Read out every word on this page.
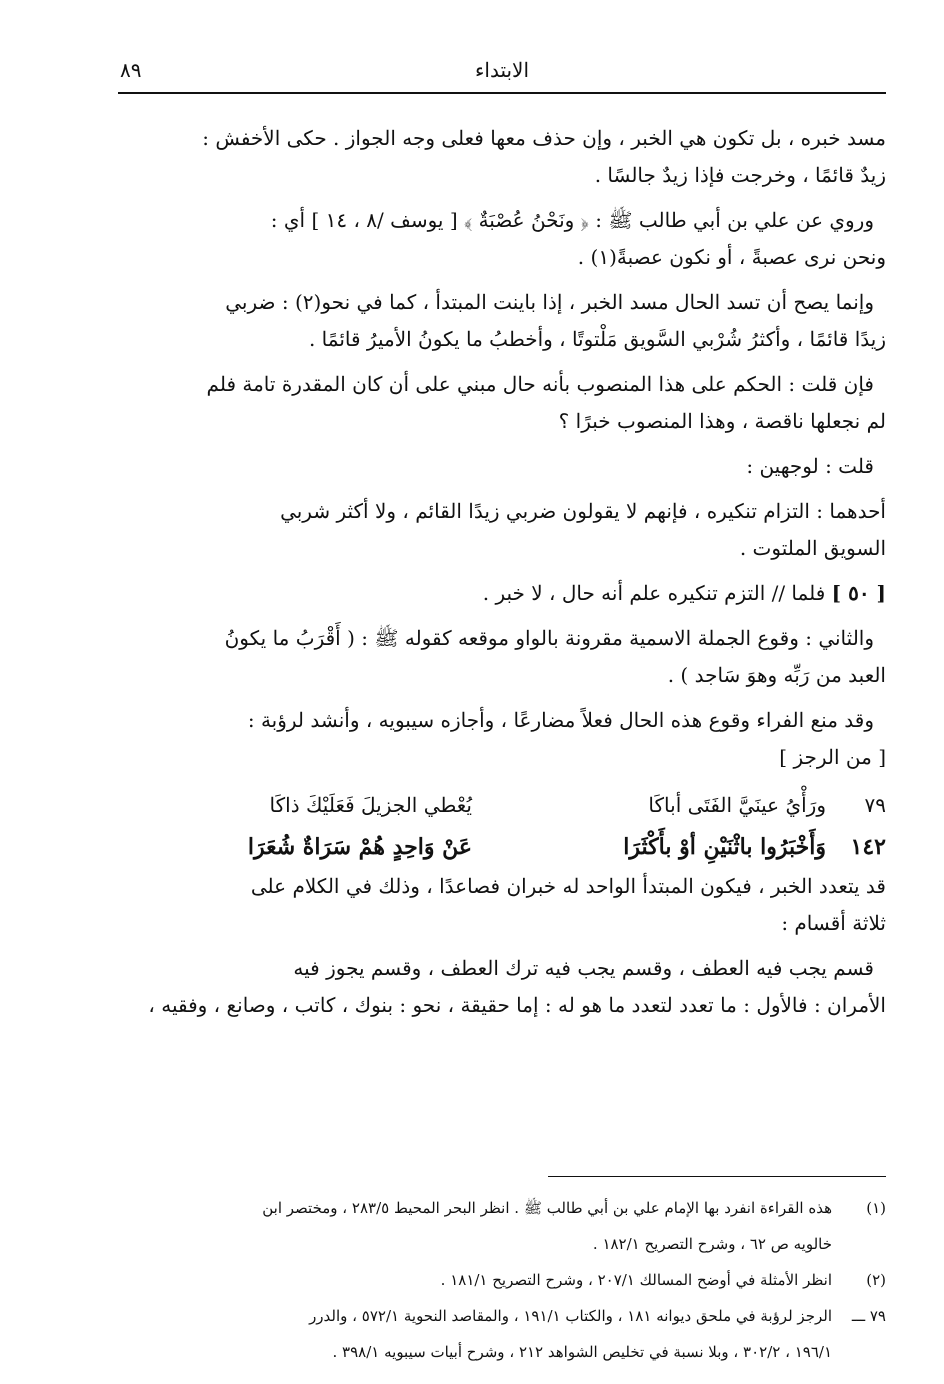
الابتداء
٨٩

مسد خبره ، بل تكون هي الخبر ، وإن حذف معها فعلى وجه الجواز . حكى الأخفش :
زيدٌ قائمًا ، وخرجت فإذا زيدٌ جالسًا .

وروي عن علي بن أبي طالب ﷺ : ﴿ ونَحْنُ عُصْبَةٌ ﴾ [ يوسف /٨ ، ١٤ ] أي :
ونحن نرى عصبةً ، أو نكون عصبةً(١) .

وإنما يصح أن تسد الحال مسد الخبر ، إذا باينت المبتدأ ، كما في نحو(٢) : ضربي
زيدًا قائمًا ، وأكثرُ شُرْبي السَّويق مَلْتوتًا ، وأخطبُ ما يكونُ الأميرُ قائمًا .

فإن قلت : الحكم على هذا المنصوب بأنه حال مبني على أن كان المقدرة تامة فلم
لم نجعلها ناقصة ، وهذا المنصوب خبرًا ؟

قلت : لوجهين :

أحدهما : التزام تنكيره ، فإنهم لا يقولون ضربي زيدًا القائم ، ولا أكثر شربي
السويق الملتوت .

[ ٥٠ ] فلما // التزم تنكيره علم أنه حال ، لا خبر .

والثاني : وقوع الجملة الاسمية مقرونة بالواو موقعه كقوله ﷺ : ( أَقْرَبُ ما يكونُ
العبد من رَبِّه وهوَ سَاجد ) .

وقد منع الفراء وقوع هذه الحال فعلاً مضارعًا ، وأجازه سيبويه ، وأنشد لرؤبة :
[ من الرجز ]

٧٩
ورَأْيُ عينَيَّ الفَتَى أباكَا
يُعْطي الجزيلَ فَعَلَيْكَ ذاكَا
١٤٢
وَأَخْبَرُوا باثْنَيْنِ أوْ بأَكْثَرَا
عَنْ وَاحِدٍ هُمْ سَرَاةٌ شُعَرَا

قد يتعدد الخبر ، فيكون المبتدأ الواحد له خبران فصاعدًا ، وذلك في الكلام على
ثلاثة أقسام :

قسم يجب فيه العطف ، وقسم يجب فيه ترك العطف ، وقسم يجوز فيه
الأمران : فالأول : ما تعدد لتعدد ما هو له : إما حقيقة ، نحو : بنوك ، كاتب ، وصانع ، وفقيه ،

(١)
هذه القراءة انفرد بها الإمام علي بن أبي طالب ﷺ . انظر البحر المحيط ٢٨٣/٥ ، ومختصر ابن
خالويه ص ٦٢ ، وشرح التصريح ١٨٢/١ .
(٢)
انظر الأمثلة في أوضح المسالك ٢٠٧/١ ، وشرح التصريح ١٨١/١ .
٧٩ ـــ
الرجز لرؤبة في ملحق ديوانه ١٨١ ، والكتاب ١٩١/١ ، والمقاصد النحوية ٥٧٢/١ ، والدرر
١٩٦/١ ، ٣٠٢/٢ ، وبلا نسبة في تخليص الشواهد ٢١٢ ، وشرح أبيات سيبويه ٣٩٨/١ .
